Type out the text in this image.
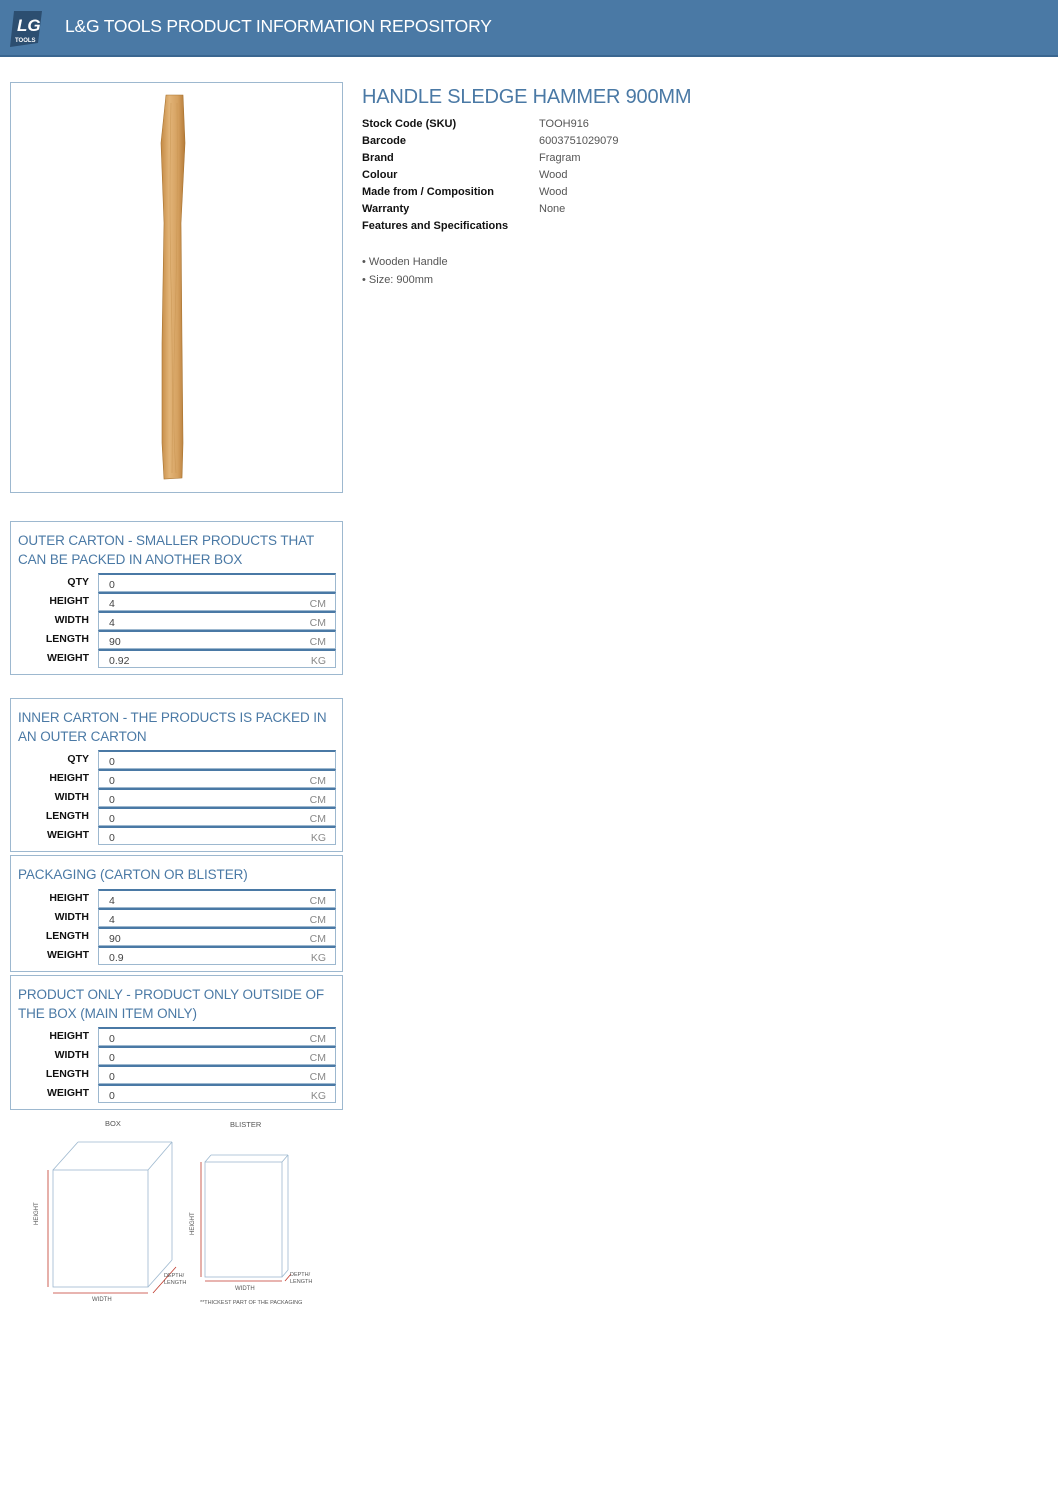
LG
TOOLS
L&G TOOLS PRODUCT INFORMATION REPOSITORY
HANDLE SLEDGE HAMMER 900MM
Stock Code (SKU)	TOOH916
Barcode	6003751029079
Brand	Fragram
Colour	Wood
Made from / Composition	Wood
Warranty	None
Features and Specifications
• Wooden Handle
• Size: 900mm
OUTER CARTON - SMALLER PRODUCTS THAT CAN BE PACKED IN ANOTHER BOX
QTY 0
HEIGHT 4	CM
WIDTH 4	CM
LENGTH 90	CM
WEIGHT 0.92	KG
INNER CARTON - THE PRODUCTS IS PACKED IN AN OUTER CARTON
QTY 0
HEIGHT 0	CM
WIDTH 0	CM
LENGTH 0	CM
WEIGHT 0	KG
PACKAGING (CARTON OR BLISTER)
HEIGHT 4	CM
WIDTH 4	CM
LENGTH 90	CM
WEIGHT 0.9	KG
PRODUCT ONLY - PRODUCT ONLY OUTSIDE OF THE BOX (MAIN ITEM ONLY)
HEIGHT 0	CM
WIDTH 0	CM
LENGTH 0	CM
WEIGHT 0	KG
BOX	BLISTER
HEIGHT
WIDTH
DEPTH/ LENGTH
HEIGHT
WIDTH
DEPTH/ LENGTH
**THICKEST PART OF THE PACKAGING
